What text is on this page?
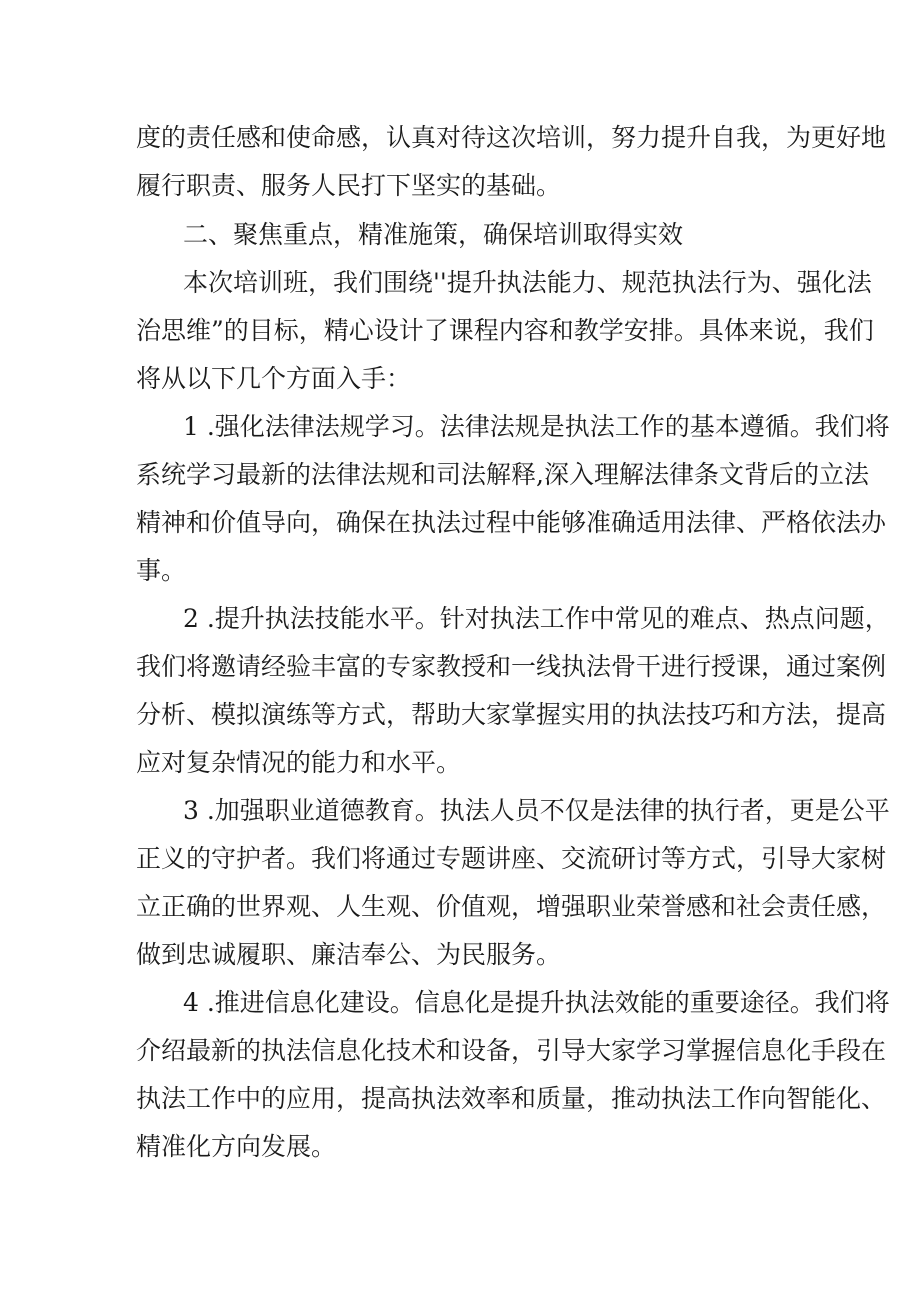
度的责任感和使命感，认真对待这次培训，努力提升自我，为更好地
履行职责、服务人民打下坚实的基础。
二、聚焦重点，精准施策，确保培训取得实效
本次培训班，我们围绕''提升执法能力、规范执法行为、强化法
治思维”的目标，精心设计了课程内容和教学安排。具体来说，我们
将从以下几个方面入手：
1 .强化法律法规学习。法律法规是执法工作的基本遵循。我们将
系统学习最新的法律法规和司法解释,深入理解法律条文背后的立法
精神和价值导向，确保在执法过程中能够准确适用法律、严格依法办
事。
2 .提升执法技能水平。针对执法工作中常见的难点、热点问题，
我们将邀请经验丰富的专家教授和一线执法骨干进行授课，通过案例
分析、模拟演练等方式，帮助大家掌握实用的执法技巧和方法，提高
应对复杂情况的能力和水平。
3 .加强职业道德教育。执法人员不仅是法律的执行者，更是公平
正义的守护者。我们将通过专题讲座、交流研讨等方式，引导大家树
立正确的世界观、人生观、价值观，增强职业荣誉感和社会责任感，
做到忠诚履职、廉洁奉公、为民服务。
4 .推进信息化建设。信息化是提升执法效能的重要途径。我们将
介绍最新的执法信息化技术和设备，引导大家学习掌握信息化手段在
执法工作中的应用，提高执法效率和质量，推动执法工作向智能化、
精准化方向发展。
